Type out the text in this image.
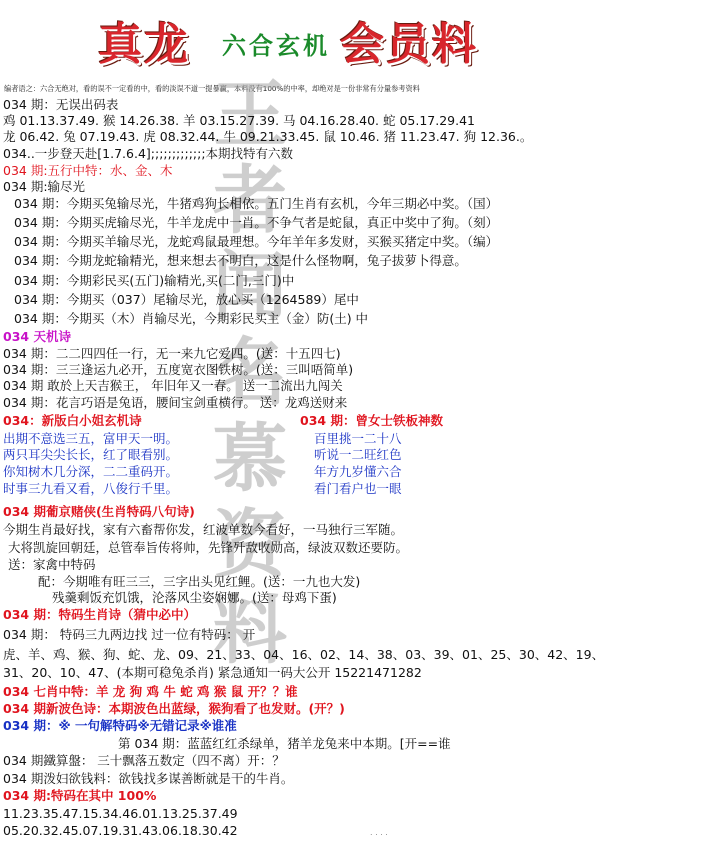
真龙 六合玄机 会员料
编者语之：六合无绝对，看的误不一定看的中，看的淡误不道一提暴赢，本料没有100%的中率，却绝对是一份非常有分量参考资料
王
者
闻
名
慕
资
料
034 期：无误出码表
鸡 01.13.37.49. 猴 14.26.38. 羊 03.15.27.39. 马 04.16.28.40. 蛇 05.17.29.41
龙 06.42. 兔 07.19.43. 虎 08.32.44. 牛 09.21.33.45. 鼠 10.46. 猪 11.23.47. 狗 12.36.。
034..一步登天赴[1.7.6.4];;;;;;;;;;;;;本期找特有六数
034 期:五行中特：水、金、木
034 期:输尽光
034 期：今期买兔输尽光，牛猪鸡狗长相依。五门生肖有玄机，今年三期必中奖。（国）
034 期：今期买虎输尽光，牛羊龙虎中一肖。不争气者是蛇鼠，真正中奖中了狗。（刻）
034 期：今期买羊输尽光，龙蛇鸡鼠最理想。今年羊年多发财，买猴买猪定中奖。（编）
034 期：今期龙蛇输精光，想来想去不明白，这是什么怪物啊，兔子拔萝卜得意。
034 期：今期彩民买(五门)输精光,买(二门,三门)中
034 期：今期买（037）尾输尽光，放心买（1264589）尾中
034 期：今期买（木）肖输尽光，今期彩民买主（金）防(土) 中
034 天机诗
034 期：二二四四任一行，无一来九它爱四。(送：十五四七)
034 期：三三逢运九必开，五度宽衣图铁树。(送：三叫唔简单)
034 期 敢於上天吉猴王， 年旧年又一春。 送一二流出九闯关
034 期：花言巧语是兔语，腰间宝剑重横行。 送：龙鸡送财来
034：新版白小姐玄机诗	034 期：曾女士铁板神数
出期不意选三五，富甲天一明。	百里挑一二十八
两只耳尖尖长长，红了眼看别。	听说一二旺红色
你知树木几分深，二二重码开。	年方九岁懂六合
时事三九看又看，八俊行千里。	看门看户也一眼
034 期葡京赌侠(生肖特码八句诗)
今期生肖最好找，家有六畜帮你发，红波单数今看好，一马独行三军随。
大将凯旋回朝廷，总管奉旨传将帅，先锋歼敌收勋高，绿波双数还要防。
送：家禽中特码
配：今期唯有旺三三，三字出头见红鲤。(送：一九也大发)
残羹剩饭充饥饿，沦落风尘姿娴娜。(送：母鸡下蛋)
034 期：特码生肖诗（猜中必中）
034 期： 特码三九两边找 过一位有特码： 开
虎、羊、鸡、猴、狗、蛇、龙、09、21、33、04、16、02、14、38、03、39、01、25、30、42、19、
31、20、10、47、(本期可稳兔杀肖) 紧急通知一码大公开 15221471282
034 七肖中特：羊 龙 狗 鸡 牛 蛇 鸡 猴 鼠 开？？谁
034 期新波色诗：本期波色出蓝绿，猴狗看了也发财。(开？)
034 期：※ 一句解特码※无错记录※谁准
第 034 期：蓝蓝红红杀绿单，猪羊龙兔来中本期。[开==谁
034 期鐵算盤： 三十飘落五数定（四不离）开：？
034 期泼妇欲钱料：欲钱找多谋善断就是干的牛肖。
034 期:特码在其中 100%
11.23.35.47.15.34.46.01.13.25.37.49
05.20.32.45.07.19.31.43.06.18.30.42	. . . .
